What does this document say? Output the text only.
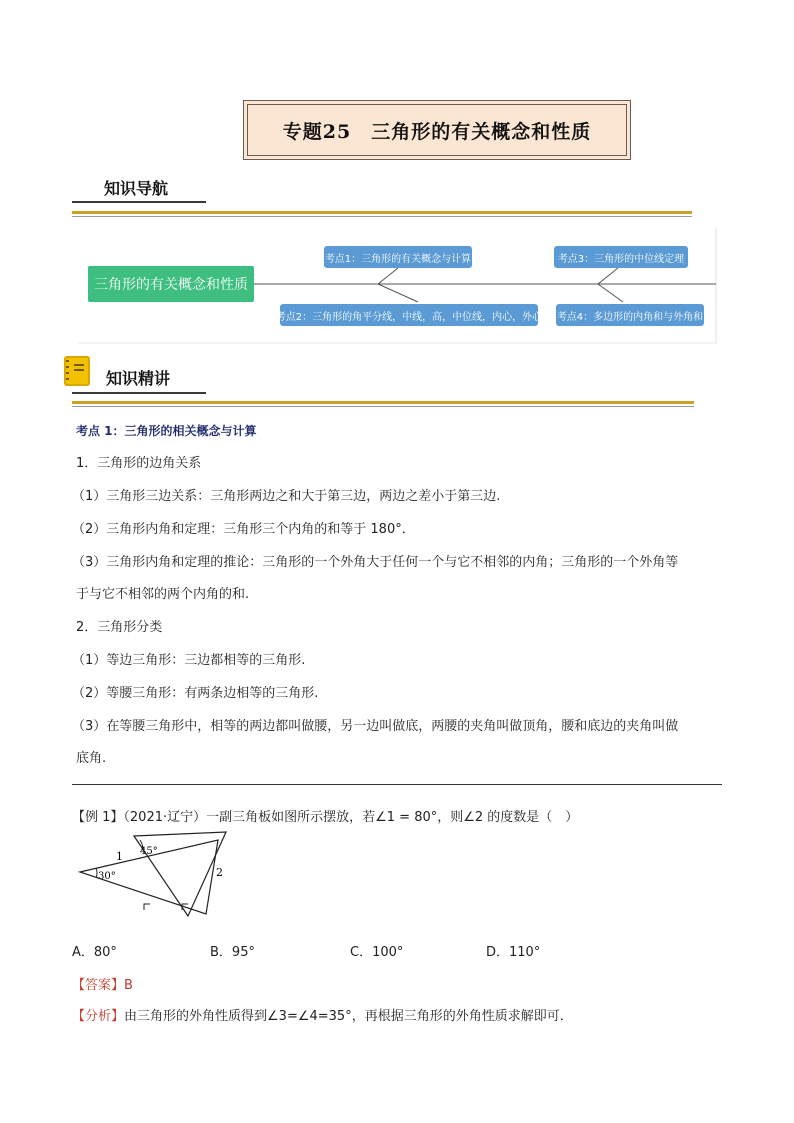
专题25　三角形的有关概念和性质
知识导航
三角形的有关概念和性质
考点1：三角形的有关概念与计算
考点2：三角形的角平分线，中线，高，中位线，内心，外心
考点3：三角形的中位线定理
考点4：多边形的内角和与外角和
知识精讲
考点 1：三角形的相关概念与计算
1．三角形的边角关系
（1）三角形三边关系：三角形两边之和大于第三边，两边之差小于第三边.
（2）三角形内角和定理：三角形三个内角的和等于 180°．
（3）三角形内角和定理的推论：三角形的一个外角大于任何一个与它不相邻的内角；三角形的一个外角等
于与它不相邻的两个内角的和.
2．三角形分类
（1）等边三角形：三边都相等的三角形.
（2）等腰三角形：有两条边相等的三角形.
（3）在等腰三角形中，相等的两边都叫做腰，另一边叫做底，两腰的夹角叫做顶角，腰和底边的夹角叫做
底角.
【例 1】（2021·辽宁）一副三角板如图所示摆放，若∠1 = 80°，则∠2 的度数是（　）
1 45°
30°	2
A．80°	B．95°	C．100°	D．110°
【答案】B
【分析】由三角形的外角性质得到∠3=∠4=35°，再根据三角形的外角性质求解即可．
